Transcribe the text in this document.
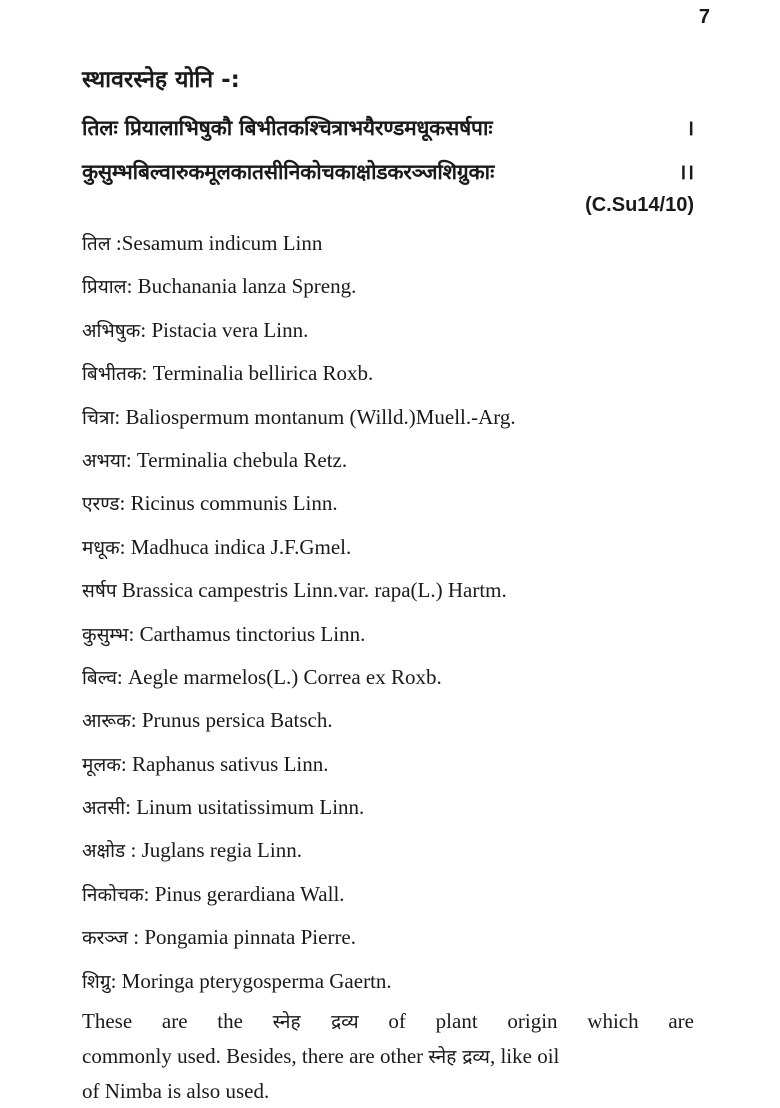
7
स्थावरस्नेह योनि -:
तिलः प्रियालाभिषुकौ बिभीतकश्चित्राभयैरण्डमधूकसर्षपाः	।
कुसुम्भबिल्वारुकमूलकातसीनिकोचकाक्षोडकरञ्जशिग्रुकाः	।।
(C.Su14/10)
तिल :Sesamum indicum Linn
प्रियाल: Buchanania lanza Spreng.
अभिषुक: Pistacia vera Linn.
बिभीतक: Terminalia bellirica Roxb.
चित्रा: Baliospermum montanum (Willd.)Muell.-Arg.
अभया: Terminalia chebula Retz.
एरण्ड: Ricinus communis Linn.
मधूक: Madhuca indica J.F.Gmel.
सर्षप Brassica campestris Linn.var. rapa(L.) Hartm.
कुसुम्भ: Carthamus tinctorius Linn.
बिल्व: Aegle marmelos(L.) Correa ex Roxb.
आरूक: Prunus persica Batsch.
मूलक: Raphanus sativus Linn.
अतसी: Linum usitatissimum Linn.
अक्षोड : Juglans regia Linn.
निकोचक: Pinus gerardiana Wall.
करञ्ज : Pongamia pinnata Pierre.
शिग्रु: Moringa pterygosperma Gaertn.
These are the स्नेह द्रव्य of plant origin which are
commonly used. Besides, there are other स्नेह द्रव्य, like oil
of Nimba is also used.
